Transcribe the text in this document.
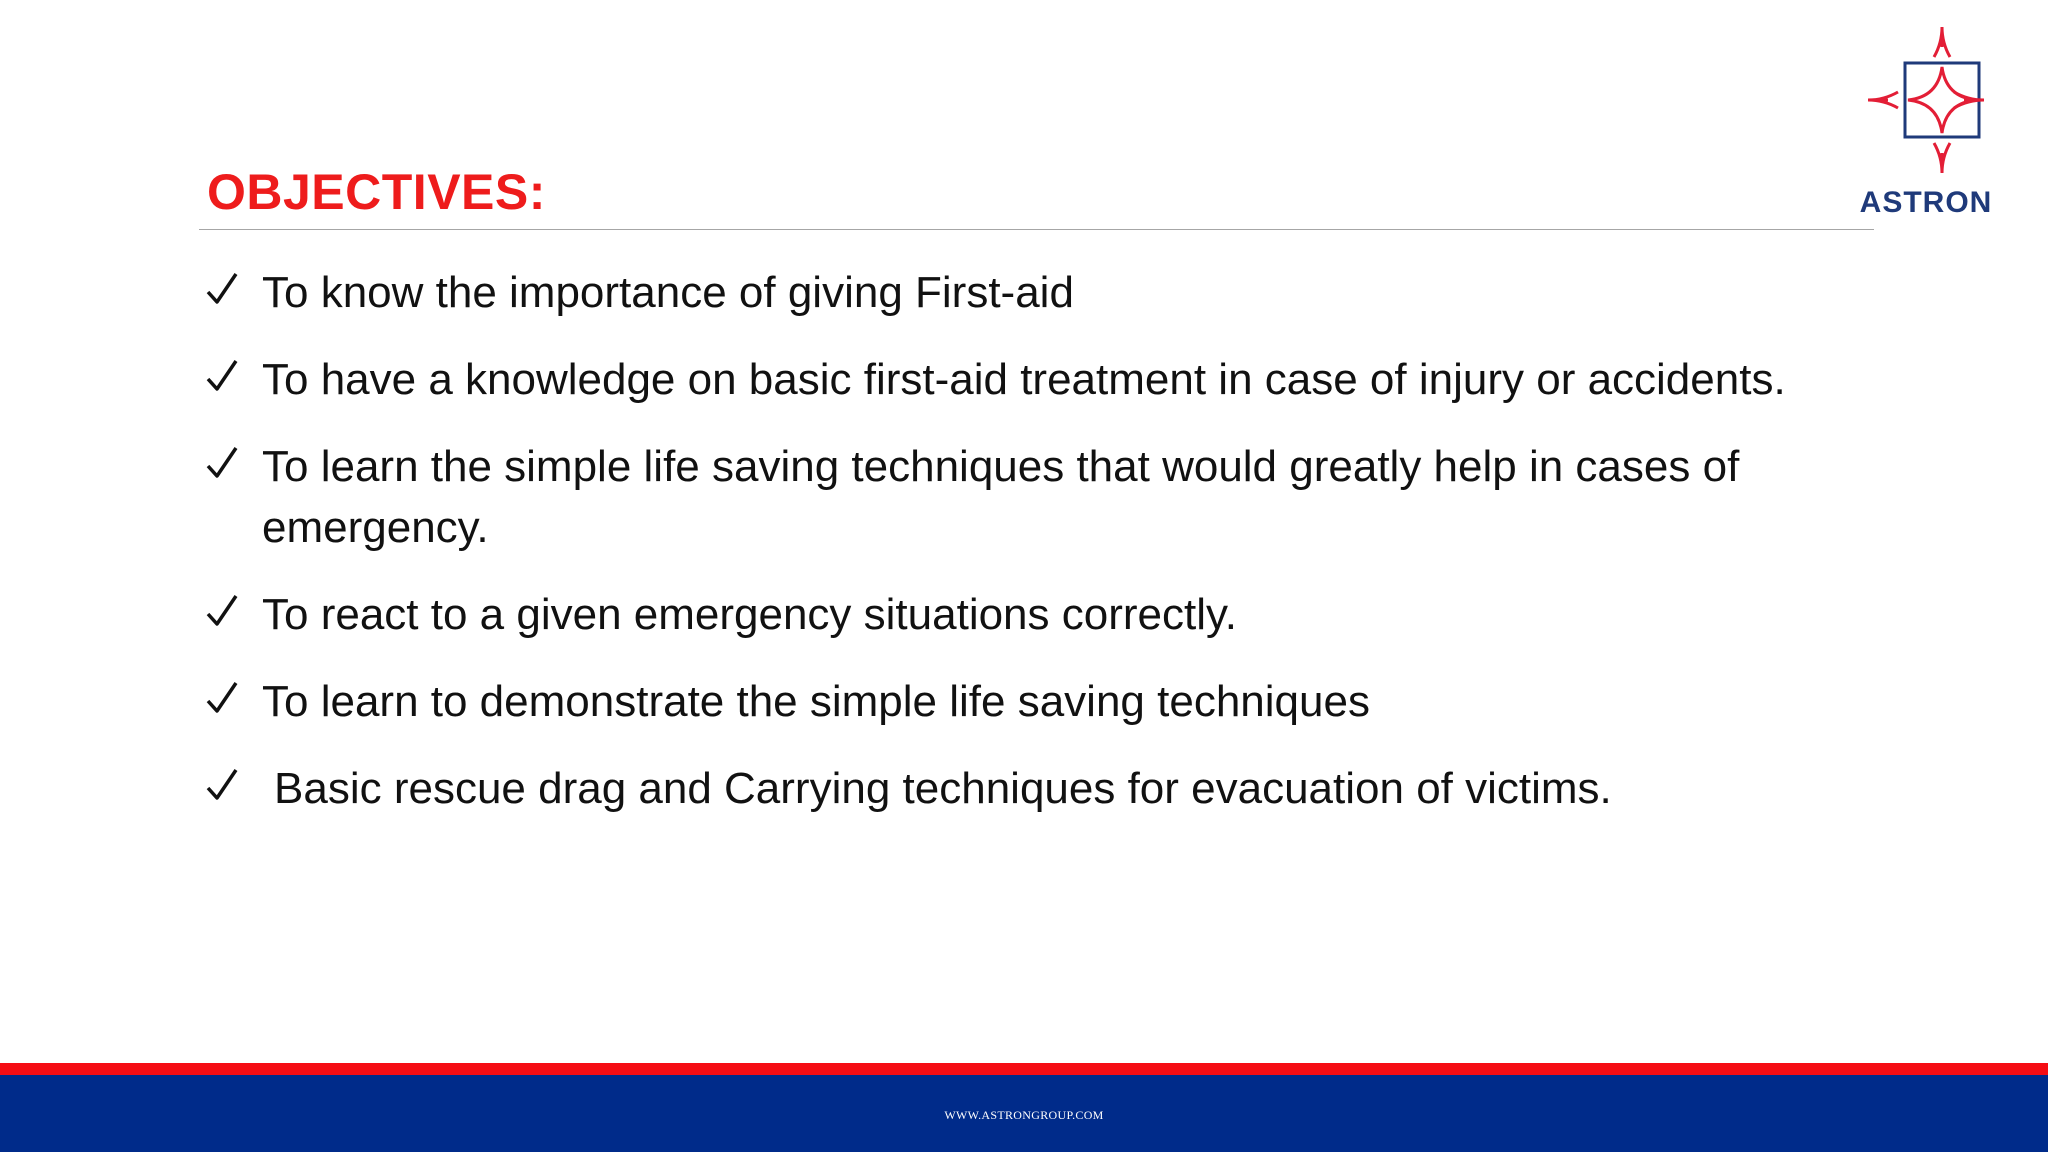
OBJECTIVES:	ASTRON
To know the importance of giving First-aid
To have a knowledge on basic first-aid treatment in case of injury or accidents.
To learn the simple life saving techniques that would greatly help in cases of emergency.
To react to a given emergency situations correctly.
To learn to demonstrate the simple life saving techniques
Basic rescue drag and Carrying techniques for evacuation of victims.
WWW.ASTRONGROUP.COM
